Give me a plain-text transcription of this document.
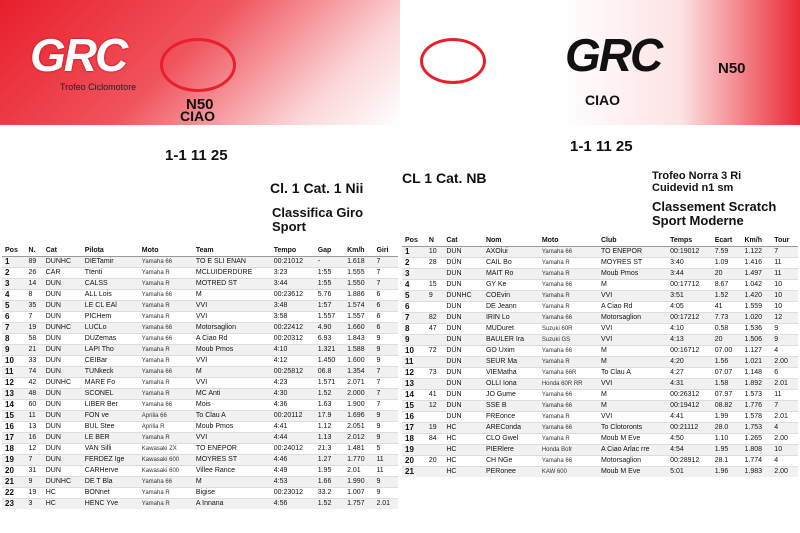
GRC
Trofeo Ciclomotore
N50
CIAO
1-1 11 25
Cl. 1 Cat. 1 Nii
Classifica Giro
Sport
Pos	N.	Cat	Pilota	Moto	Team	Tempo	Gap	Km/h	Giri
1	89	DUNHC	DIETamir	Yamaha 66	TO E SLI ENAN	00:21012	-	1.618	7
2	26	CAR	Ttenti	Yamaha R	MCLUIDERDURE	3:23	1:55	1.555	7
3	14	DUN	CALSS	Yamaha R	MOTRED ST	3:44	1:55	1.550	7
4	8	DUN	ALL Lois	Yamaha 66	M	00:23612	5.76	1.886	6
5	35	DUN	LE CL EAl	Yamaha R	VVI	3:48	1:57	1.574	6
6	7	DUN	PICHem	Yamaha R	VVI	3:58	1.557	1.557	6
7	19	DUNHC	LUCLo	Yamaha 66	Motorsaglion	00:22412	4.90	1.660	6
8	58	DUN	DUZemas	Yamaha 66	A Ciao Rd	00:20312	6.93	1.843	9
9	21	DUN	LAPI Tho	Yamaha R	Moub Pmos	4:10	1.321	1.588	9
10	33	DUN	CEIBar	Yamaha R	VVI	4:12	1.450	1.600	9
11	74	DUN	TUNkeck	Yamaha 66	M	00:25812	06.8	1.354	7
12	42	DUNHC	MARE Fo	Yamaha R	VVI	4:23	1.571	2.071	7
13	48	DUN	SCONEL	Yamaha R	MC Anti	4:30	1.52	2.000	7
14	60	DUN	LIBER Ber	Yamaha 66	Mois	4:36	1.63	1.900	7
15	11	DUN	FON ve	Aprilia 66	To Clau A	00:20112	17.9	1.696	9
16	13	DUN	BUL Stee	Aprilia R	Moub Pmos	4:41	1.12	2.051	9
17	16	DUN	LE BER	Yamaha R	VVI	4:44	1.13	2.012	9
18	12	DUN	VAN Silli	Kawasaki ZX	TO ENEPOR	00:24012	21.3	1.481	5
19	7	DUN	FERDEZ Ige	Kawasaki 600	MOYRES ST	4:46	1.27	1.770	11
20	31	DUN	CARHerve	Kawasaki 600	Villee Rance	4:49	1.95	2.01	11
21	9	DUNHC	DE T Bla	Yamaha 66	M	4:53	1.66	1.990	9
22	19	HC	BONnet	Yamaha R	Bigise	00:23012	33.2	1.007	9
23	3	HC	HENC Yve	Yamaha R	A Innana	4:56	1.52	1.757	2.01
GRC	N50
CIAO
1-1 11 25
CL 1 Cat. NB	Trofeo Norra 3 Ri
Cuidevid n1 sm
Classement Scratch
Sport Moderne
Pos	N	Cat	Nom	Moto	Club	Temps	Ecart	Km/h	Tour
1	10	DUN	AXOlui	Yamaha 66	TO ENEPOR	00:19012	7.59	1.122	7
2	28	DUN	CAIL Bo	Yamaha R	MOYRES ST	3:40	1.09	1.416	11
3		DUN	MAIT Ro	Yamaha R	Moub Pmos	3:44	20	1.497	11
4	15	DUN	GY Ke	Yamaha 66	M	00:17712	8.67	1.042	10
5	9	DUNHC	COEvin	Yamaha R	VVI	3:51	1.52	1.420	10
6		DUN	DE Jeann	Yamaha R	A Ciao Rd	4:05	41	1.559	10
7	82	DUN	IRIN Lo	Yamaha 66	Motorsaglion	00:17212	7.73	1.020	12
8	47	DUN	MUDuret	Suzuki 60R	VVI	4:10	0.58	1.536	9
9		DUN	BAULER Ira	Suzuki GS	VVI	4:13	20	1.506	9
10	72	DUN	GO Uxim	Yamaha 66	M	00:16712	07.00	1.127	4
11		DUN	SEUR Ma	Yamaha R	M	4:20	1.56	1.021	2.00
12	73	DUN	VIEMatha	Yamaha 66R	To Clau A	4:27	07.07	1.148	6
13		DUN	OLLI Iona	Honda 60R RR	VVI	4:31	1.58	1.892	2.01
14	41	DUN	JO Gume	Yamaha 66	M	00:26312	07.97	1.573	11
15	12	DUN	SSE B	Yamaha 66	M	00:19412	08.82	1.776	7
16		DUN	FREonce	Yamaha R	VVI	4:41	1.99	1.578	2.01
17	19	HC	AREConda	Yamaha 66	To Clotoronts	00:21112	28.0	1.753	4
18	84	HC	CLO Gwel	Yamaha R	Moub M Eve	4:50	1.10	1.265	2.00
19		HC	PIERlere	Honda Bofr	A Ciao Arlac rre	4:54	1.95	1.808	10
20	20	HC	CH NGe	Yamaha 66	Motorsaglion	00:28912	28.1	1.774	4
21		HC	PERonee	KAW 600	Moub M Eve	5:01	1.96	1.983	2.00
